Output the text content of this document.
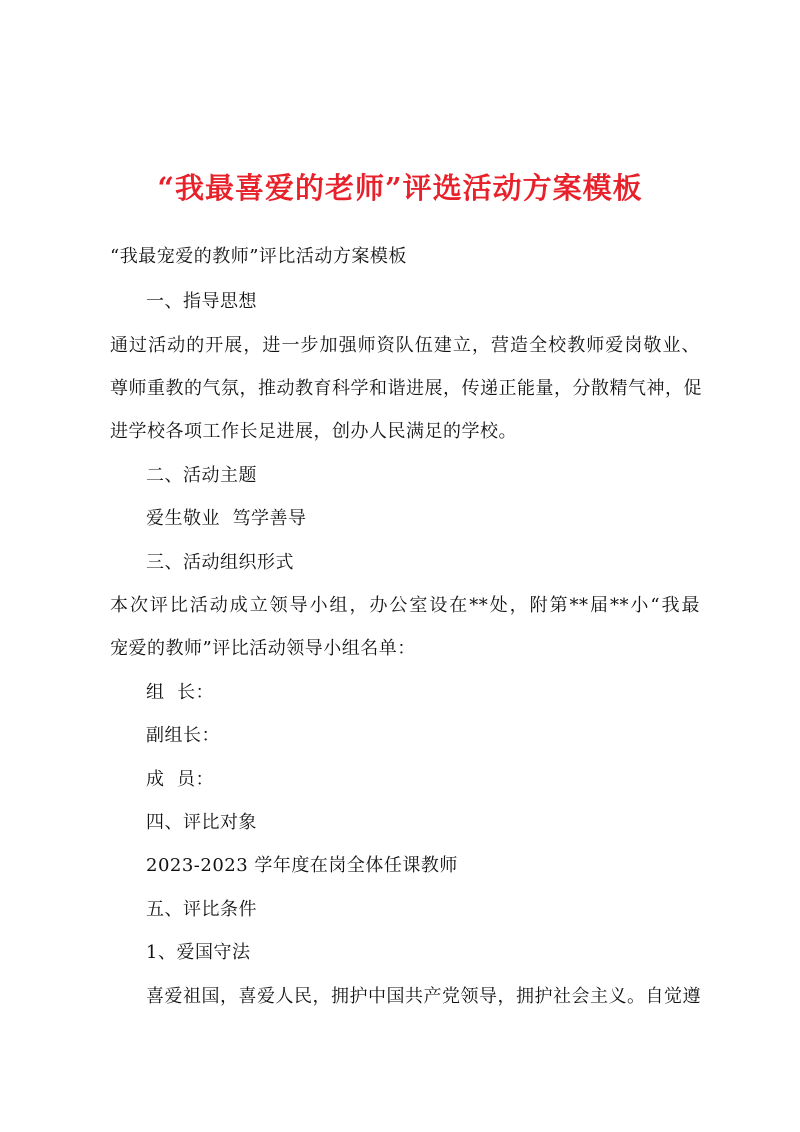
“我最喜爱的老师”评选活动方案模板
“我最宠爱的教师”评比活动方案模板
一、指导思想
通过活动的开展，进一步加强师资队伍建立，营造全校教师爱岗敬业、
尊师重教的气氛，推动教育科学和谐进展，传递正能量，分散精气神，促
进学校各项工作长足进展，创办人民满足的学校。
二、活动主题
爱生敬业  笃学善导
三、活动组织形式
本次评比活动成立领导小组，办公室设在**处，附第**届**小“我最
宠爱的教师”评比活动领导小组名单：
组  长：
副组长：
成  员：
四、评比对象
2023-2023 学年度在岗全体任课教师
五、评比条件
1、爱国守法
喜爱祖国，喜爱人民，拥护中国共产党领导，拥护社会主义。自觉遵
